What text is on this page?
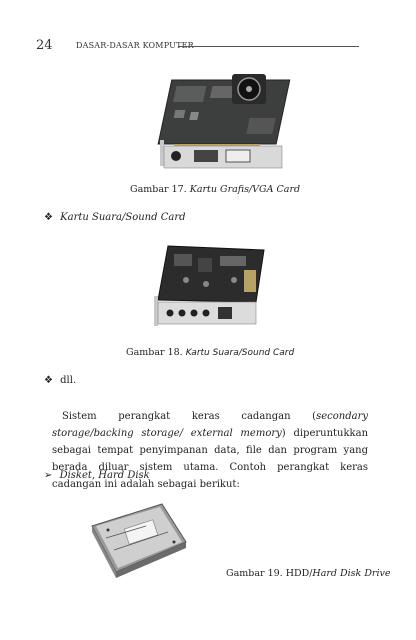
24	DASAR-DASAR KOMPUTER
Gambar 17. Kartu Grafis/VGA Card
❖ Kartu Suara/Sound Card
Gambar 18. Kartu Suara/Sound Card
❖ dll.

Sistem perangkat keras cadangan (secondary storage/backing storage/ external memory) diperuntukkan sebagai tempat penyimpanan data, file dan program yang berada diluar sistem utama. Contoh perangkat keras cadangan ini adalah sebagai berikut:

➢ Disket, Hard Disk
Gambar 19. HDD/Hard Disk Drive
